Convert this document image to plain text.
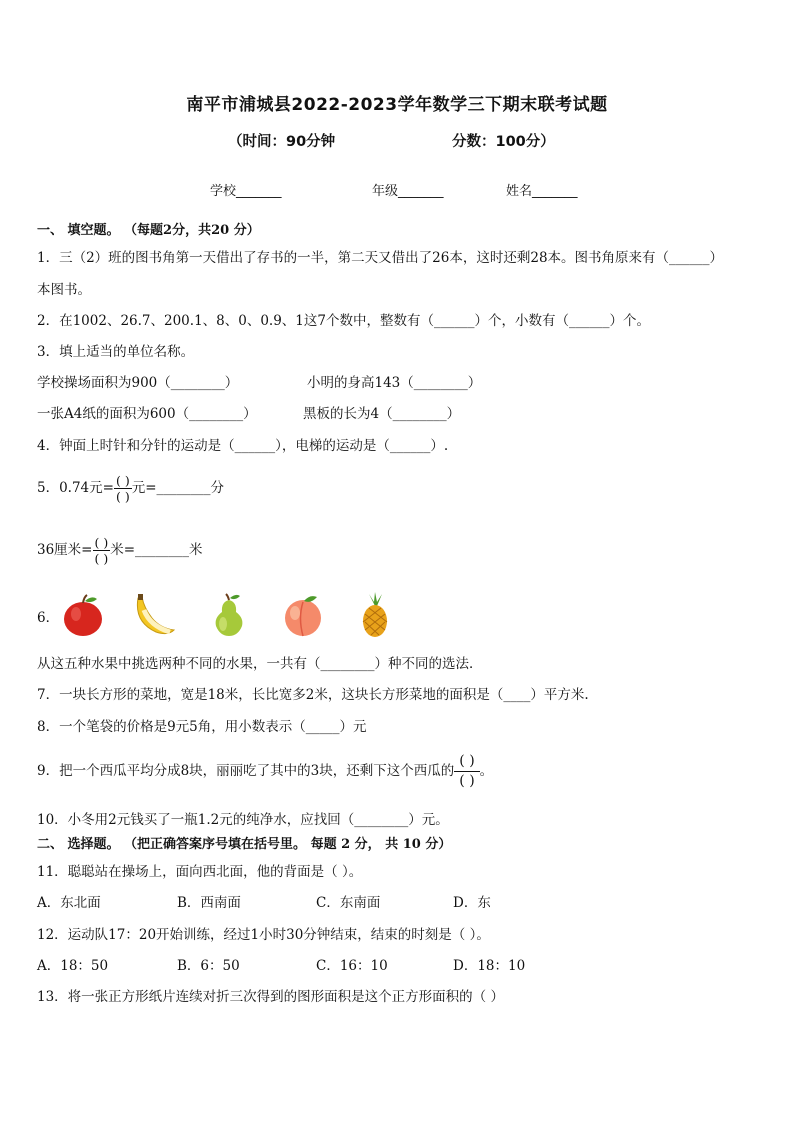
南平市浦城县2022-2023学年数学三下期末联考试题
（时间：90分钟	分数：100分）
学校_______	年级_______	姓名_______
一、 填空题。 （每题2分，共20 分）
1．三（2）班的图书角第一天借出了存书的一半，第二天又借出了26本，这时还剩28本。图书角原来有（______）
本图书。
2．在1002、26.7、200.1、8、0、0.9、1这7个数中，整数有（______）个，小数有（______）个。
3．填上适当的单位名称。
学校操场面积为900（________）	小明的身高143（________）
一张A4纸的面积为600（________）	黑板的长为4（________）
4．钟面上时针和分针的运动是（______），电梯的运动是（______）.
5．0.74元= $\frac{( )}{( )}$ 元=________分
36厘米= $\frac{( )}{( )}$ 米=________米
6．
从这五种水果中挑选两种不同的水果，一共有（________）种不同的选法．
7．一块长方形的菜地，宽是18米，长比宽多2米，这块长方形菜地的面积是（____）平方米.
8．一个笔袋的价格是9元5角，用小数表示（_____）元
9．把一个西瓜平均分成8块，丽丽吃了其中的3块，还剩下这个西瓜的 $\frac{( )}{( )}$ 。
10．小冬用2元钱买了一瓶1.2元的纯净水，应找回（________）元。
二、 选择题。 （把正确答案序号填在括号里。 每题 2 分， 共 10 分）
11．聪聪站在操场上，面向西北面，他的背面是（ ）。
A．东北面	B．西南面	C．东南面	D．东
12．运动队17：20开始训练，经过1小时30分钟结束，结束的时刻是（ ）。
A．18：50	B．6：50	C．16：10	D．18：10
13．将一张正方形纸片连续对折三次得到的图形面积是这个正方形面积的（ ）
